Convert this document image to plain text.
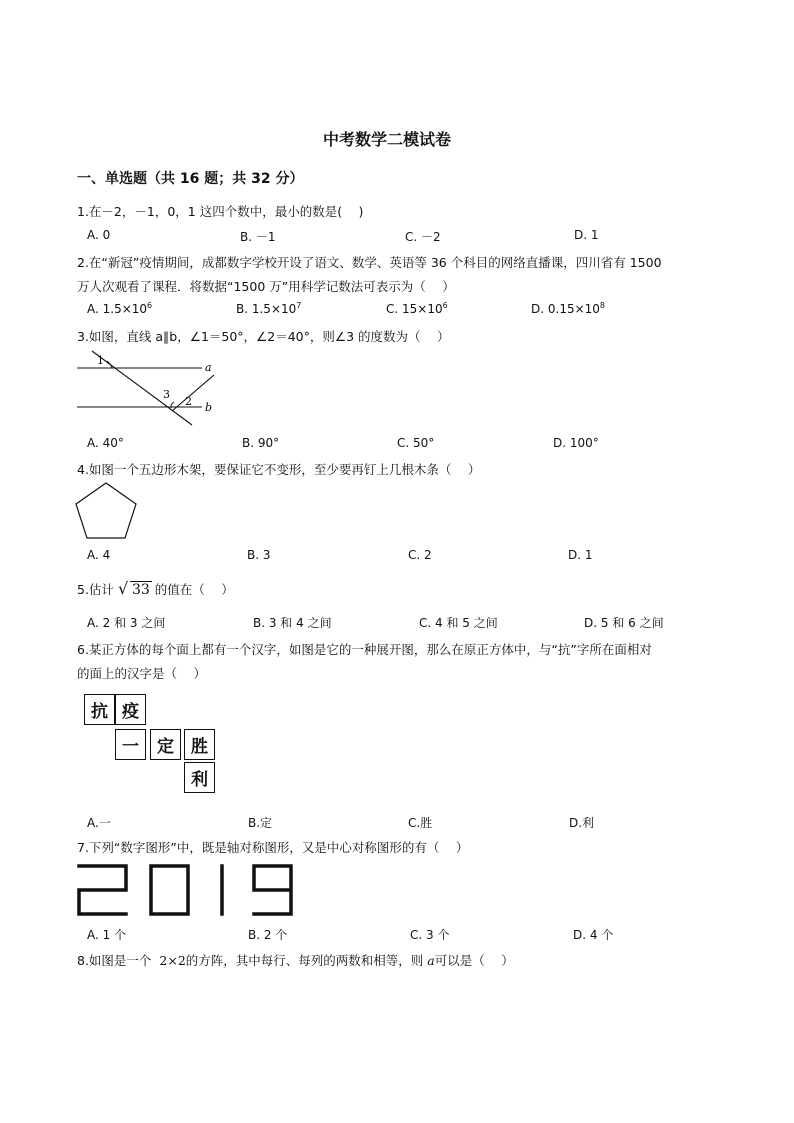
中考数学二模试卷
一、单选题（共 16 题；共 32 分）
1.在－2，－1，0，1 这四个数中，最小的数是(　 )
A. 0	B. －1	C. －2	D. 1
2.在“新冠”疫情期间，成都数字学校开设了语文、数学、英语等 36 个科目的网络直播课，四川省有 1500
万人次观看了课程．将数据“1500 万”用科学记数法可表示为（　 ）
A. $1.5\times 10^6$	B. $1.5\times 10^7$	C. $15\times 10^6$	D. $0.15\times 10^8$
3.如图，直线 a∥b，∠1＝50°，∠2＝40°，则∠3 的度数为（　 ）
a
b
1
2
3
A. 40°	B. 90°	C. 50°	D. 100°
4.如图一个五边形木架，要保证它不变形，至少要再钉上几根木条（　 ）
A. 4	B. 3	C. 2	D. 1
5.估计√ 33 的值在（　 ）
A. 2 和 3 之间	B. 3 和 4 之间	C. 4 和 5 之间	D. 5 和 6 之间
6.某正方体的每个面上都有一个汉字，如图是它的一种展开图，那么在原正方体中，与“抗”字所在面相对
的面上的汉字是（　 ）
抗 疫
一	定	胜
利
A.一	B.定	C.胜	D.利
7.下列“数字图形”中，既是轴对称图形，又是中心对称图形的有（　 ）
A. 1 个	B. 2 个	C. 3 个	D. 4 个
8.如图是一个 2×2的方阵，其中每行、每列的两数和相等，则 a可以是（　 ）
